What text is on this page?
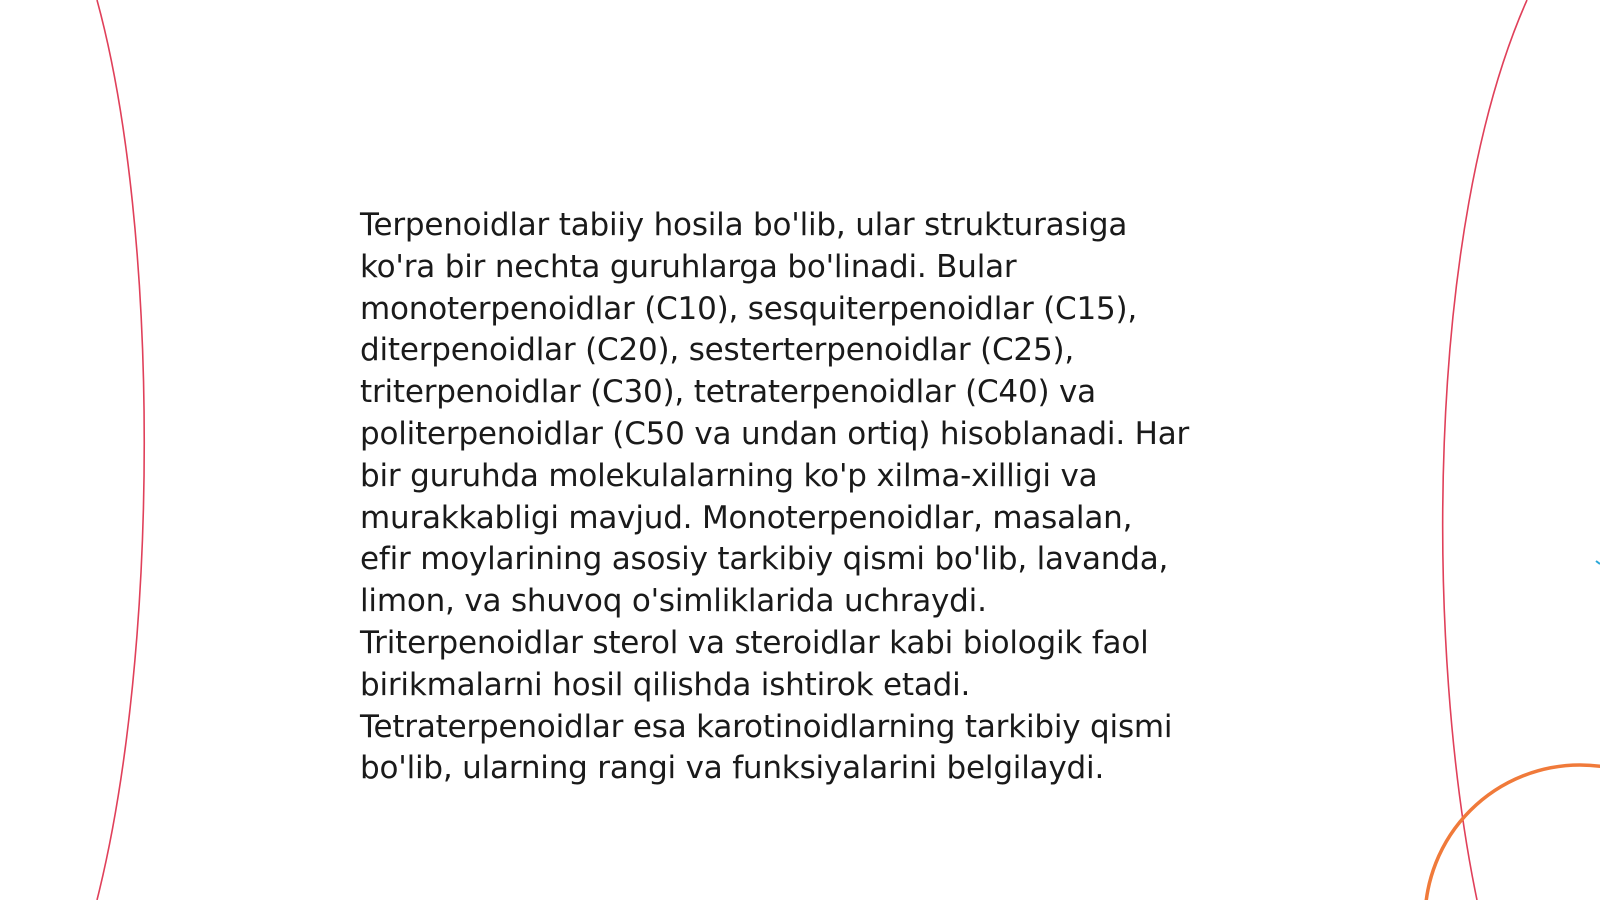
Terpenoidlar tabiiy hosila bo'lib, ular strukturasiga
ko'ra bir nechta guruhlarga bo'linadi. Bular
monoterpenoidlar (C10), sesquiterpenoidlar (C15),
diterpenoidlar (C20), sesterterpenoidlar (C25),
triterpenoidlar (C30), tetraterpenoidlar (C40) va
politerpenoidlar (C50 va undan ortiq) hisoblanadi. Har
bir guruhda molekulalarning ko'p xilma-xilligi va
murakkabligi mavjud. Monoterpenoidlar, masalan,
efir moylarining asosiy tarkibiy qismi bo'lib, lavanda,
limon, va shuvoq o'simliklarida uchraydi.
Triterpenoidlar sterol va steroidlar kabi biologik faol
birikmalarni hosil qilishda ishtirok etadi.
Tetraterpenoidlar esa karotinoidlarning tarkibiy qismi
bo'lib, ularning rangi va funksiyalarini belgilaydi.
